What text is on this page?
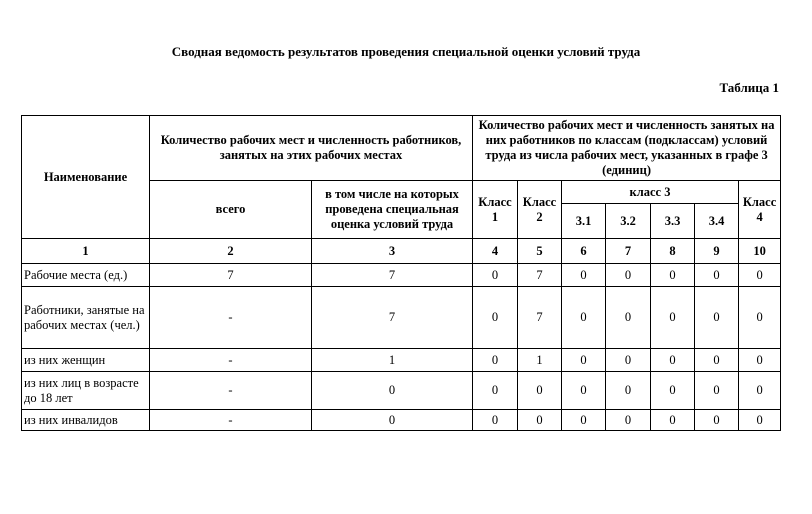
Сводная ведомость результатов проведения специальной оценки условий труда
Таблица 1
Наименование	Количество рабочих мест и численность работников, занятых на этих рабочих местах		Количество рабочих мест и численность занятых на них работников по классам (подклассам) условий труда из числа рабочих мест, указанных в графе 3 (единиц)						
	всего	в том числе на которых проведена специальная оценка условий труда	Класс 1	Класс 2	класс 3				Класс 4
					3.1	3.2	3.3	3.4	
1	2	3	4	5	6	7	8	9	10
Рабочие места (ед.)	7	7	0	7	0	0	0	0	0
Работники, занятые на рабочих местах (чел.)	-	7	0	7	0	0	0	0	0
из них женщин	-	1	0	1	0	0	0	0	0
из них лиц в возрасте до 18 лет	-	0	0	0	0	0	0	0	0
из них инвалидов	-	0	0	0	0	0	0	0	0
